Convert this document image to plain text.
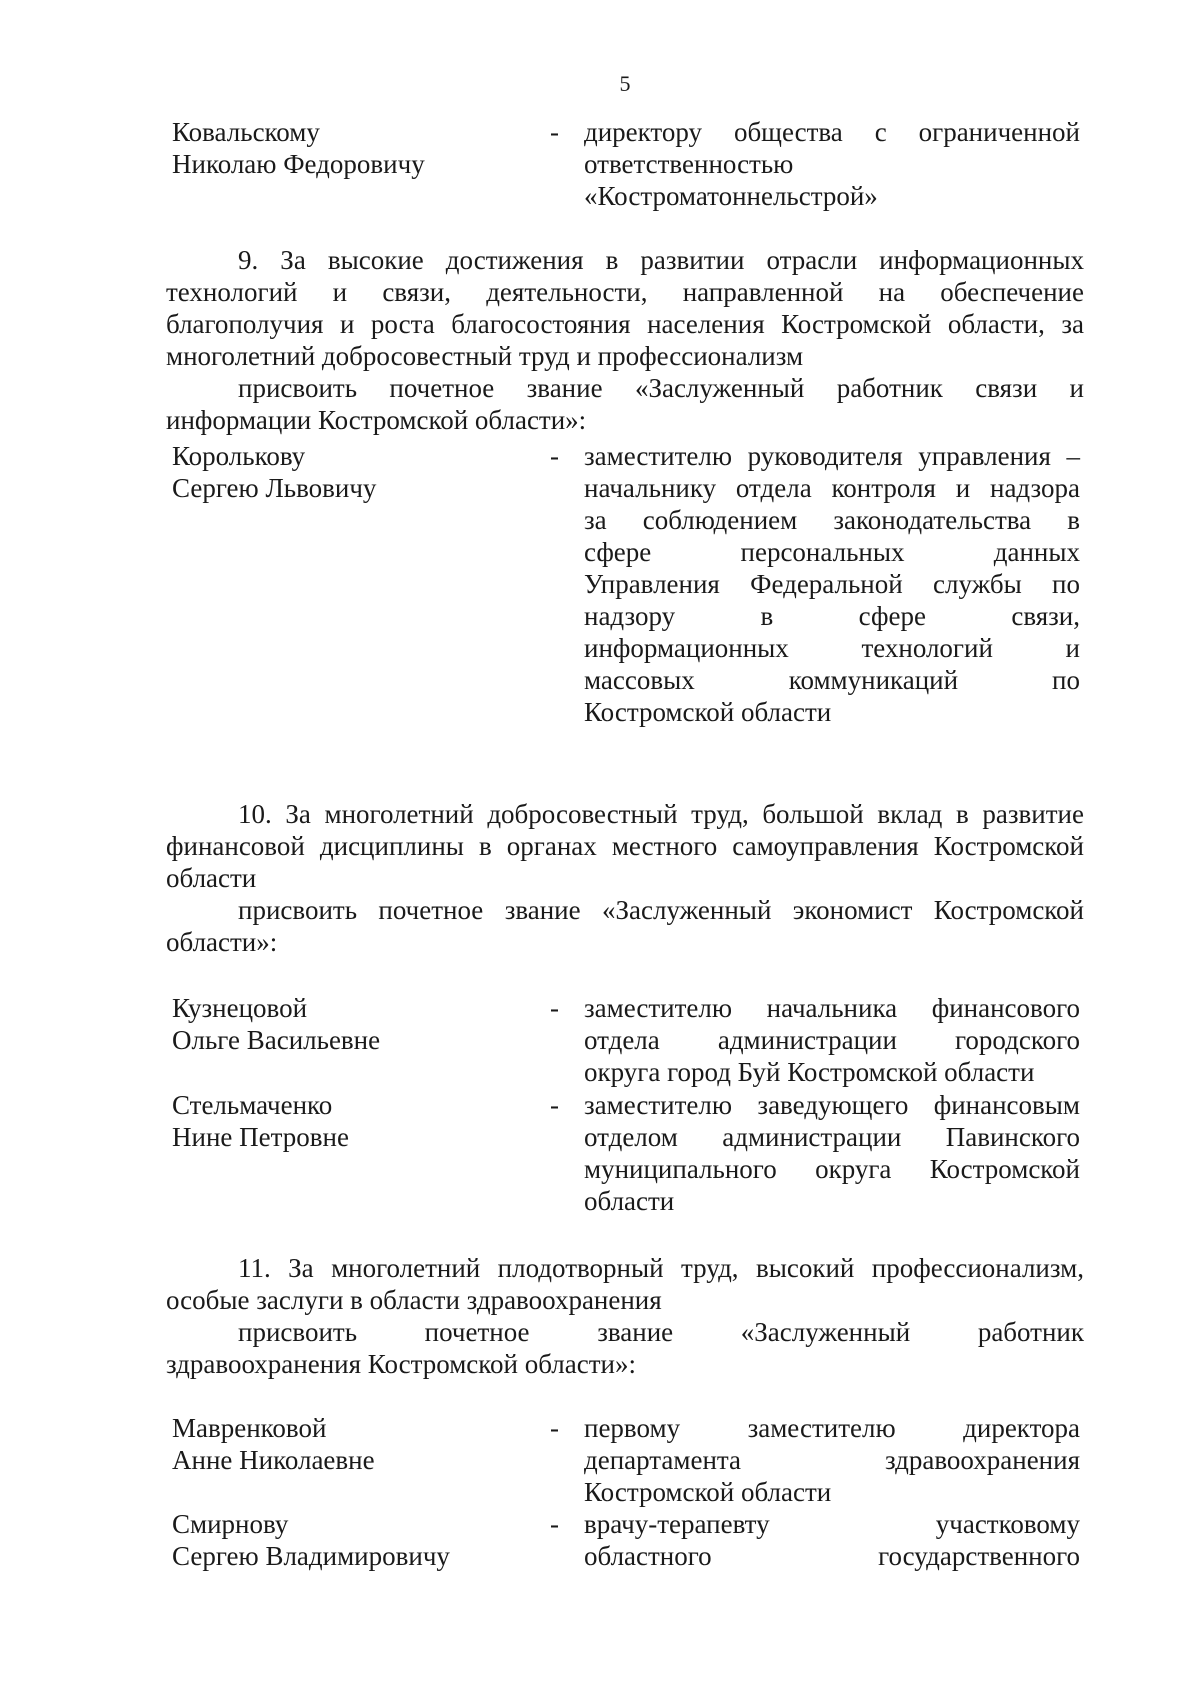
5
Ковальскому
Николаю Федоровичу
- директору общества с ограниченной
ответственностью
«Костроматоннельстрой»
9. За высокие достижения в развитии отрасли информационных
технологий и связи, деятельности, направленной на обеспечение
благополучия и роста благосостояния населения Костромской области, за
многолетний добросовестный труд и профессионализм
присвоить почетное звание «Заслуженный работник связи и
информации Костромской области»:
Королькову
Сергею Львовичу
- заместителю руководителя управления –
начальнику отдела контроля и надзора
за соблюдением законодательства в
сфере персональных данных
Управления Федеральной службы по
надзору в сфере связи,
информационных технологий и
массовых коммуникаций по
Костромской области
10. За многолетний добросовестный труд, большой вклад в развитие
финансовой дисциплины в органах местного самоуправления Костромской
области
присвоить почетное звание «Заслуженный экономист Костромской
области»:
Кузнецовой
Ольге Васильевне
- заместителю начальника финансового
отдела администрации городского
округа город Буй Костромской области
Стельмаченко
Нине Петровне
- заместителю заведующего финансовым
отделом администрации Павинского
муниципального округа Костромской
области
11. За многолетний плодотворный труд, высокий профессионализм,
особые заслуги в области здравоохранения
присвоить почетное звание «Заслуженный работник
здравоохранения Костромской области»:
Мавренковой
Анне Николаевне
- первому заместителю директора
департамента здравоохранения
Костромской области
Смирнову
Сергею Владимировичу
- врачу-терапевту участковому
областного государственного
